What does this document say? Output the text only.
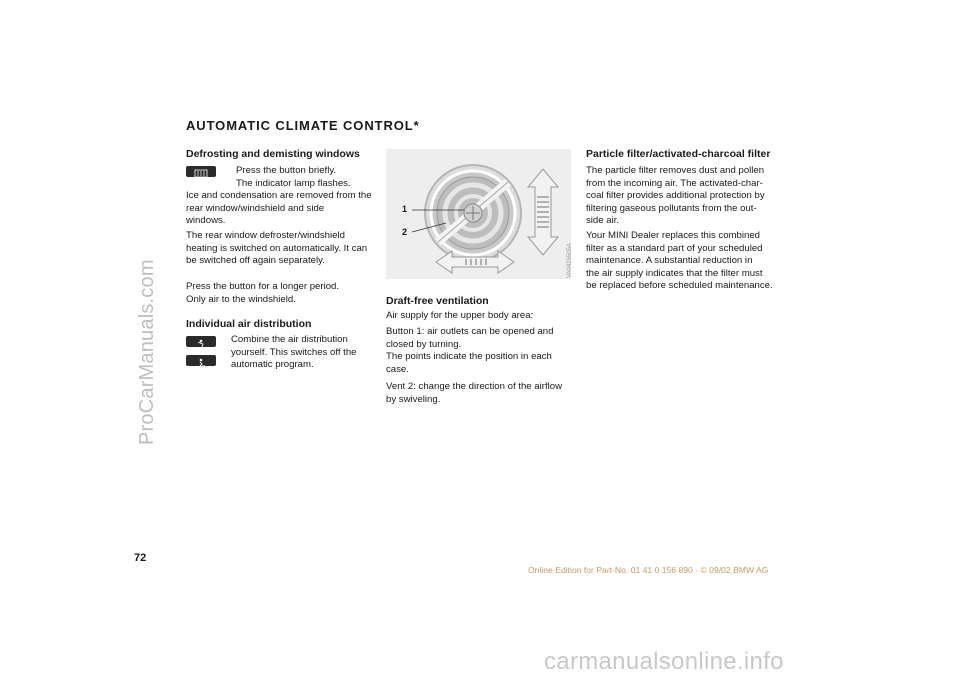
ProCarManuals.com
AUTOMATIC CLIMATE CONTROL*
Defrosting and demisting windows

Press the button briefly.

The indicator lamp flashes.

Ice and condensation are removed from the

rear window/windshield and side

windows.

The rear window defroster/windshield

heating is switched on automatically. It can

be switched off again separately.

Press the button for a longer period.

Only air to the windshield.

Individual air distribution

Combine the air distribution

yourself. This switches off the

automatic program.

1
2
VA0425505A
Draft-free ventilation

Air supply for the upper body area:

Button 1: air outlets can be opened and

closed by turning.

The points indicate the position in each

case.

Vent 2: change the direction of the airflow

by swiveling.

Particle filter/activated-charcoal filter

The particle filter removes dust and pollen

from the incoming air. The activated-char-

coal filter provides additional protection by

filtering gaseous pollutants from the out-

side air.

Your MINI Dealer replaces this combined

filter as a standard part of your scheduled

maintenance. A substantial reduction in

the air supply indicates that the filter must

be replaced before scheduled maintenance.

72
Online Edition for Part-No. 01 41 0 156 890 - © 09/02 BMW AG
carmanualsonline.info
